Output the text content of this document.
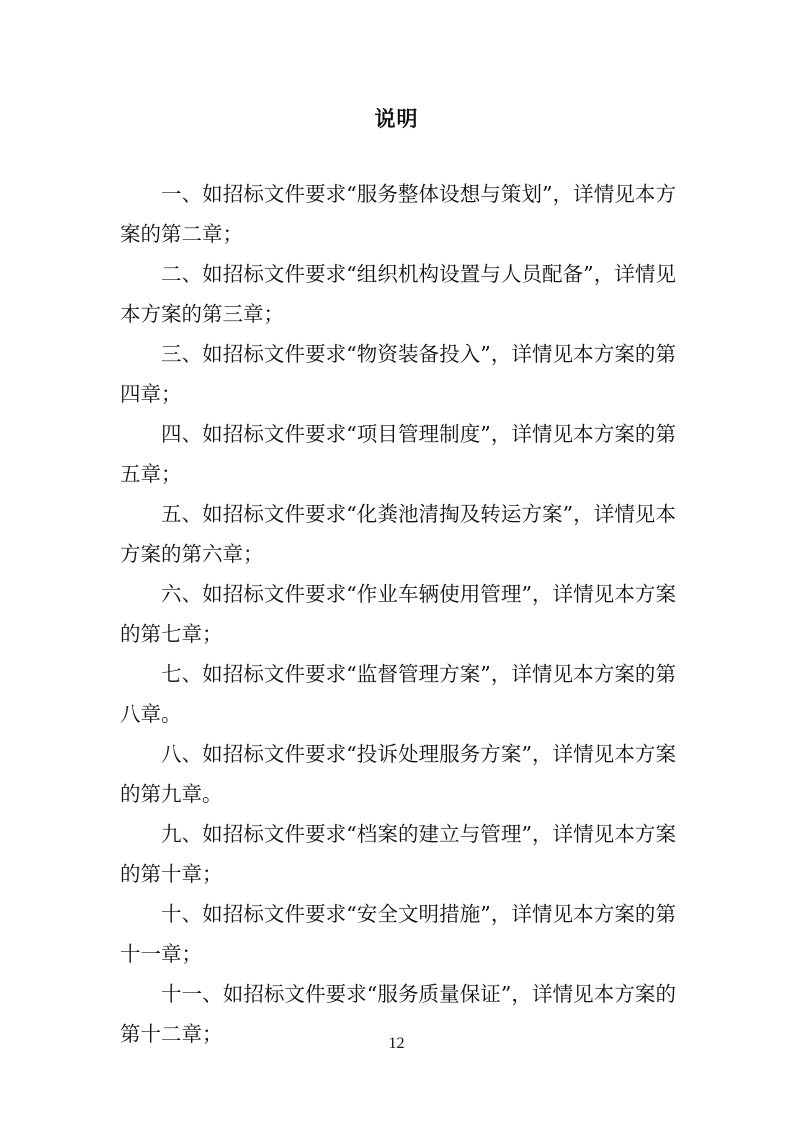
说明

一、如招标文件要求“服务整体设想与策划”，详情见本方案的第二章；

二、如招标文件要求“组织机构设置与人员配备”，详情见本方案的第三章；

三、如招标文件要求“物资装备投入”，详情见本方案的第四章；

四、如招标文件要求“项目管理制度”，详情见本方案的第五章；

五、如招标文件要求“化粪池清掏及转运方案”，详情见本方案的第六章；

六、如招标文件要求“作业车辆使用管理”，详情见本方案的第七章；

七、如招标文件要求“监督管理方案”，详情见本方案的第八章。

八、如招标文件要求“投诉处理服务方案”，详情见本方案的第九章。

九、如招标文件要求“档案的建立与管理”，详情见本方案的第十章；

十、如招标文件要求“安全文明措施”，详情见本方案的第十一章；

十一、如招标文件要求“服务质量保证”，详情见本方案的第十二章；	12
